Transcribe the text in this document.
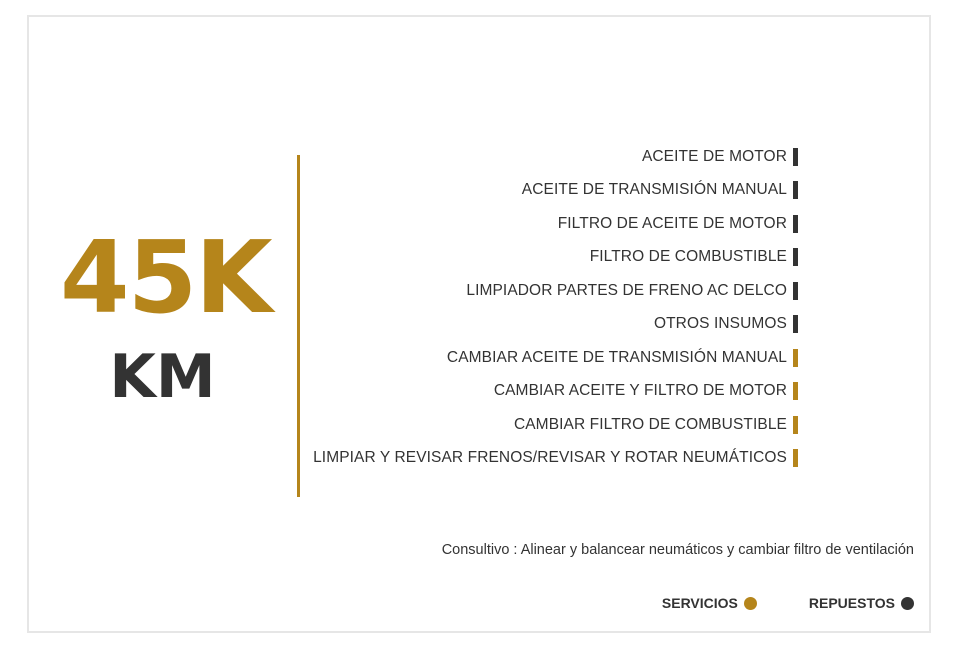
45K
KM
ACEITE DE MOTOR
ACEITE DE TRANSMISIÓN MANUAL
FILTRO DE ACEITE DE MOTOR
FILTRO DE COMBUSTIBLE
LIMPIADOR PARTES DE FRENO AC DELCO
OTROS INSUMOS
CAMBIAR ACEITE DE TRANSMISIÓN MANUAL
CAMBIAR ACEITE Y FILTRO DE MOTOR
CAMBIAR FILTRO DE COMBUSTIBLE
LIMPIAR Y REVISAR FRENOS/REVISAR Y ROTAR NEUMÁTICOS
Consultivo : Alinear y balancear neumáticos y cambiar filtro de ventilación
SERVICIOS	REPUESTOS
